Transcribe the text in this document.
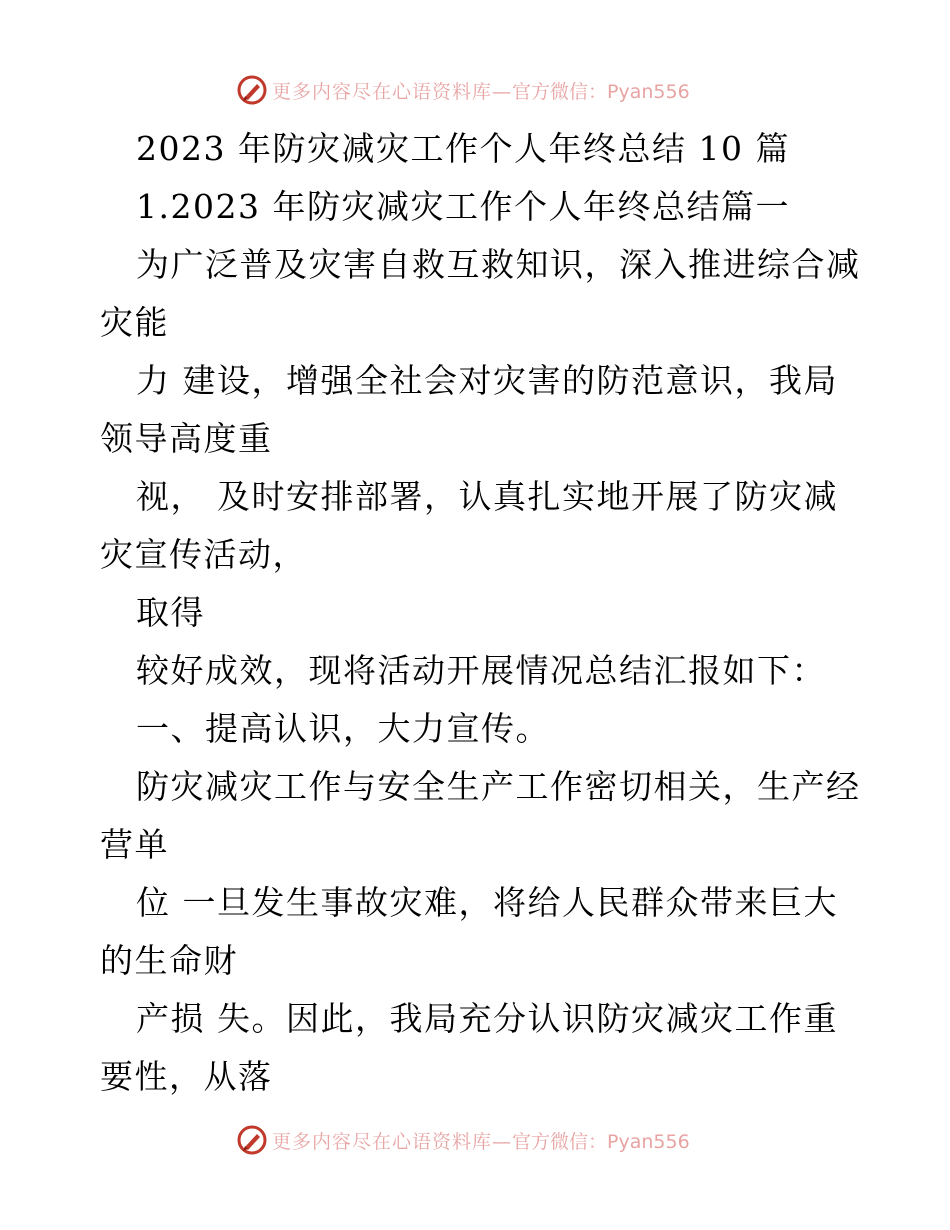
更多内容尽在心语资料库— 官方微信：Pyan556
2023 年防灾减灾工作个人年终总结 10 篇
1.2023 年防灾减灾工作个人年终总结篇一
为广泛普及灾害自救互救知识，深入推进综合减
灾能
力 建设，增强全社会对灾害的防范意识，我局
领导高度重
视， 及时安排部署，认真扎实地开展了防灾减
灾宣传活动，
取得
较好成效，现将活动开展情况总结汇报如下：
一、提高认识，大力宣传。
防灾减灾工作与安全生产工作密切相关，生产经
营单
位 一旦发生事故灾难，将给人民群众带来巨大
的生命财
产损 失。因此，我局充分认识防灾减灾工作重
要性，从落
更多内容尽在心语资料库— 官方微信：Pyan556
